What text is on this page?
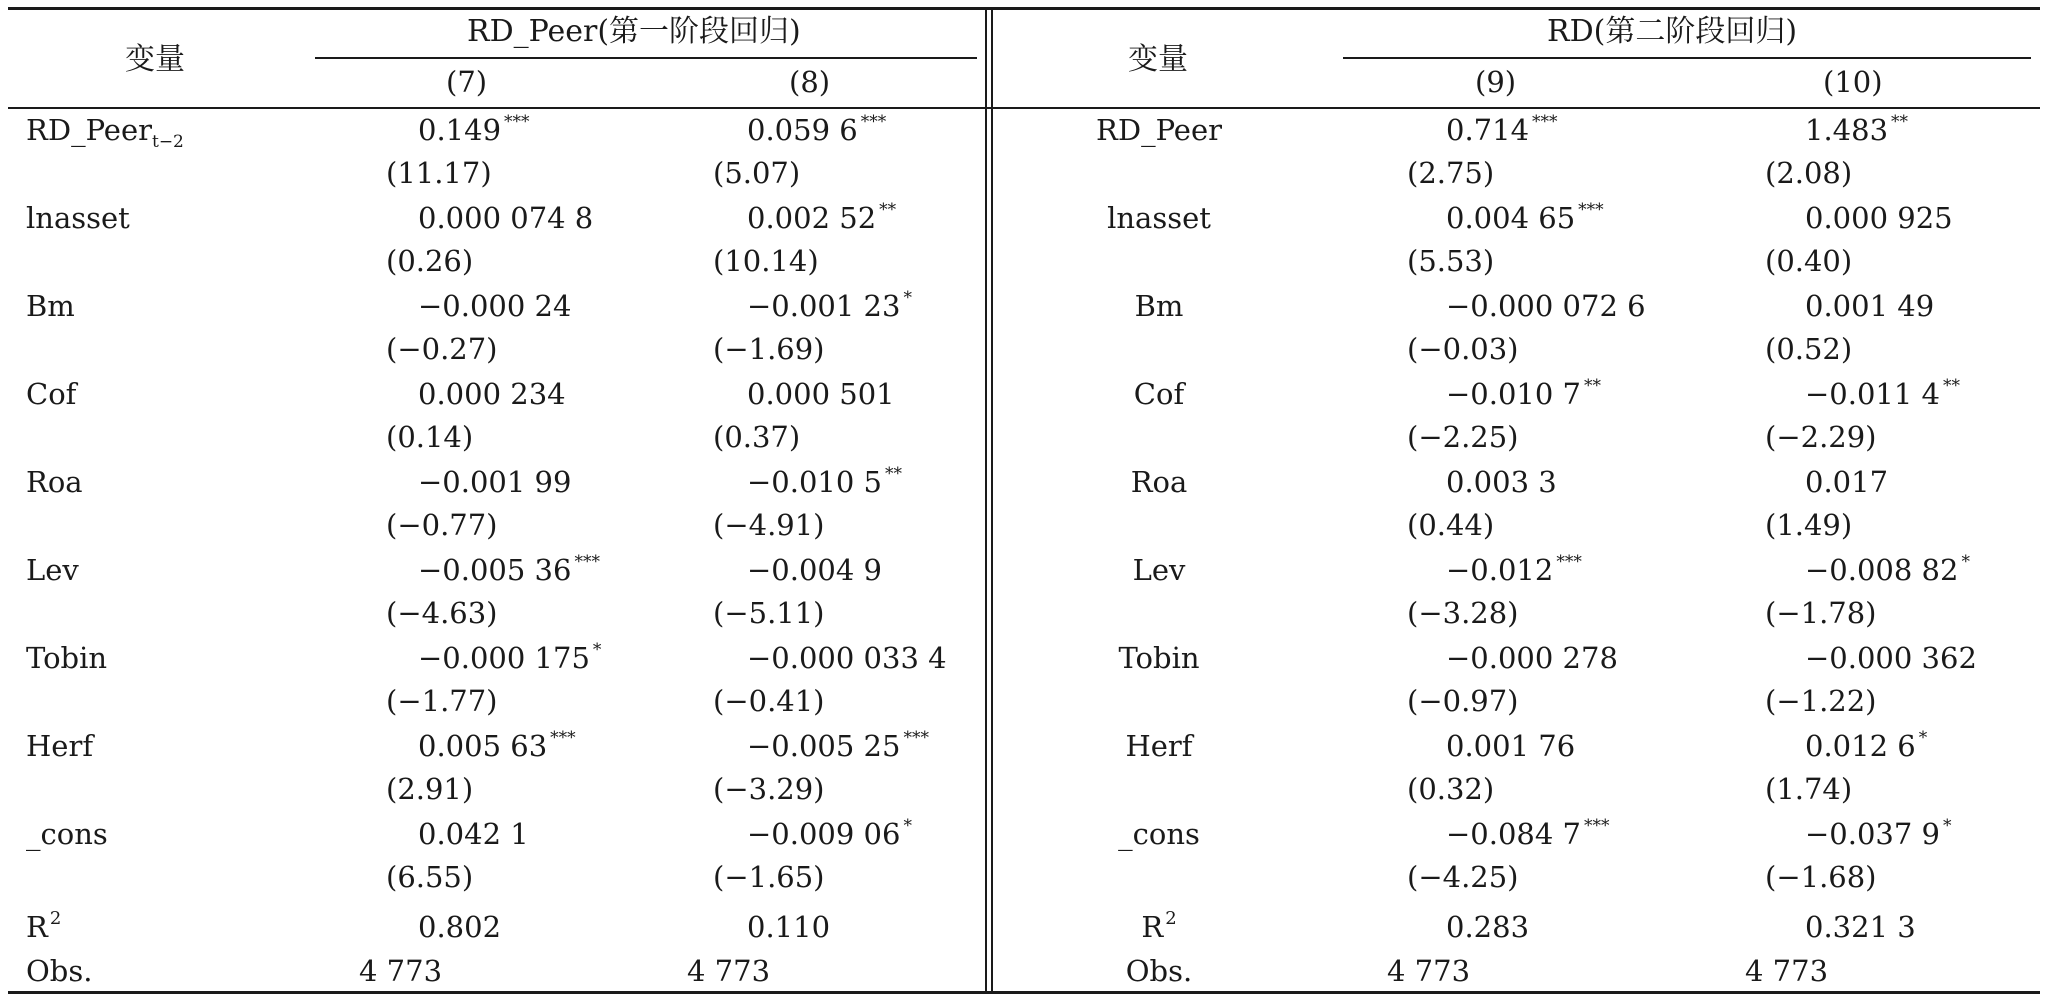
变量
RD_Peer(第一阶段回归)
(7)	(8)
变量
RD(第二阶段回归)
(9)	(10)
RD_Peer$_{t-2}$	0.149 ***	0.059 6 ***
(11.17)	(5.07)
lnasset	0.000 074 8	0.002 52 **
(0.26)	(10.14)
Bm	−0.000 24	−0.001 23 *
(−0.27)	(−1.69)
Cof	0.000 234	0.000 501
(0.14)	(0.37)
Roa	−0.001 99	−0.010 5 **
(−0.77)	(−4.91)
Lev	−0.005 36 ***	−0.004 9
(−4.63)	(−5.11)
Tobin	−0.000 175 *	−0.000 033 4
(−1.77)	(−0.41)
Herf	0.005 63 ***	−0.005 25 ***
(2.91)	(−3.29)
_cons	0.042 1	−0.009 06 *
(6.55)	(−1.65)
R $^2$	0.802	0.110
Obs.	4 773	4 773
RD_Peer	0.714 ***	1.483 **
(2.75)	(2.08)
lnasset	0.004 65 ***	0.000 925
(5.53)	(0.40)
Bm	−0.000 072 6	0.001 49
(−0.03)	(0.52)
Cof	−0.010 7 **	−0.011 4 **
(−2.25)	(−2.29)
Roa	0.003 3	0.017
(0.44)	(1.49)
Lev	−0.012 ***	−0.008 82 *
(−3.28)	(−1.78)
Tobin	−0.000 278	−0.000 362
(−0.97)	(−1.22)
Herf	0.001 76	0.012 6 *
(0.32)	(1.74)
_cons	−0.084 7 ***	−0.037 9 *
(−4.25)	(−1.68)
R $^2$	0.283	0.321 3
Obs.	4 773	4 773
